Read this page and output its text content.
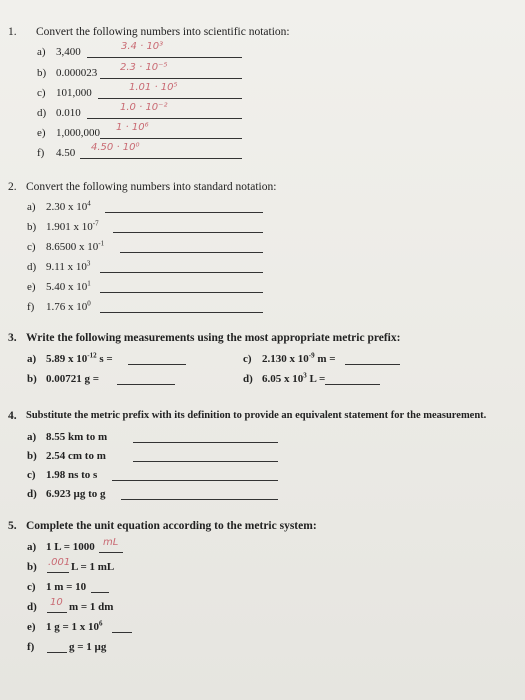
1. Convert the following numbers into scientific notation:
a) 3,400	3.4 · 10³
b) 0.000023 2.3 · 10⁻⁵
c) 101,000	1.01 · 10⁵
d) 0.010	1.0 · 10⁻²
e) 1,000,000 1 · 10⁶
f) 4.50 4.50 · 10⁰
2. Convert the following numbers into standard notation:
a) 2.30 x $10^4$
b) 1.901 x $10^{-7}$
c) 8.6500 x $10^{-1}$
d) 9.11 x $10^3$
e) 5.40 x $10^1$
f) 1.76 x $10^0$
3. Write the following measurements using the most appropriate metric prefix:
a) 5.89 x $10^{-12}$ s =	c) 2.130 x $10^{-9}$ m =
b) 0.00721 g =	d) 6.05 x $10^3$ L =
4. Substitute the metric prefix with its definition to provide an equivalent statement for the measurement.
a) 8.55 km to m
b) 2.54 cm to m
c) 1.98 ns to s
d) 6.923 µg to g
5. Complete the unit equation according to the metric system:
a) 1 L = 1000 mL
b) .001 L = 1 mL
c) 1 m = 10
d) 10 m = 1 dm
e) 1 g = 1 x $10^6$
f)	g = 1 µg
